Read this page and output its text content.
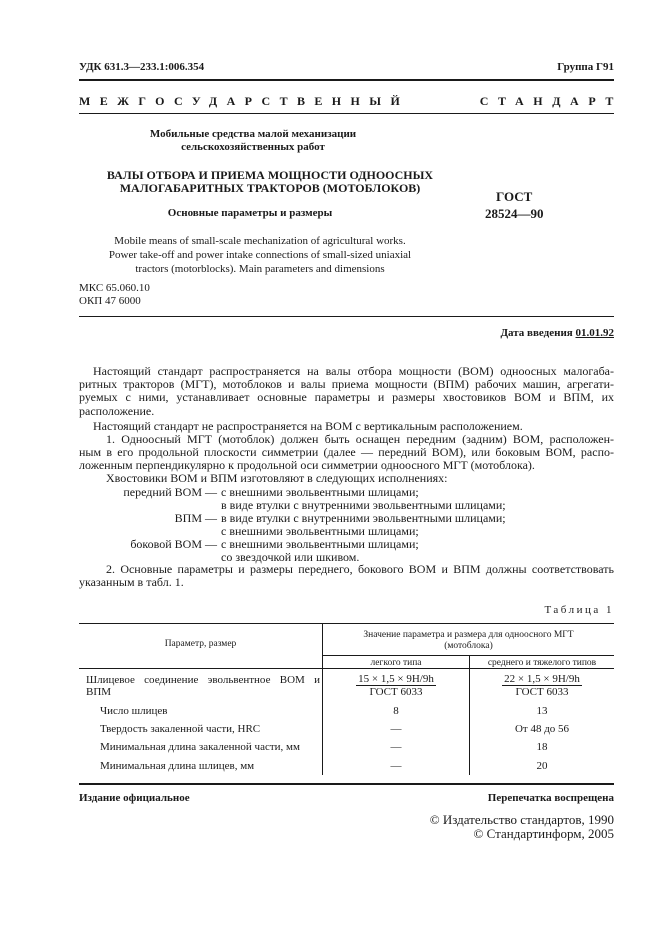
УДК 631.3—233.1:006.354	Группа Г91
МЕЖГОСУДАРСТВЕННЫЙ	СТАНДАРТ
Мобильные средства малой механизации
сельскохозяйственных работ
ВАЛЫ ОТБОРА И ПРИЕМА МОЩНОСТИ ОДНООСНЫХ
МАЛОГАБАРИТНЫХ ТРАКТОРОВ (МОТОБЛОКОВ)
ГОСТ
28524—90
Основные параметры и размеры
Mobile means of small-scale mechanization of agricultural works.
Power take-off and power intake connections of small-sized uniaxial
tractors (motorblocks). Main parameters and dimensions
МКС 65.060.10
ОКП 47 6000
Дата введения 01.01.92
Настоящий стандарт распространяется на валы отбора мощности (ВОМ) одноосных малогаба-
ритных тракторов (МГТ), мотоблоков и валы приема мощности (ВПМ) рабочих машин, агрегати-
руемых с ними, устанавливает основные параметры и размеры хвостовиков ВОМ и ВПМ, их
расположение.
Настоящий стандарт не распространяется на ВОМ с вертикальным расположением.
1. Одноосный МГТ (мотоблок) должен быть оснащен передним (задним) ВОМ, расположен-
ным в его продольной плоскости симметрии (далее — передний ВОМ), или боковым ВОМ, распо-
ложенным перпендикулярно к продольной оси симметрии одноосного МГТ (мотоблока).
Хвостовики ВОМ и ВПМ изготовляют в следующих исполнениях:
передний ВОМ — с внешними эвольвентными шлицами;
в виде втулки с внутренними эвольвентными шлицами;
ВПМ — в виде втулки с внутренними эвольвентными шлицами;
с внешними эвольвентными шлицами;
боковой ВОМ — с внешними эвольвентными шлицами;
со звездочкой или шкивом.
2. Основные параметры и размеры переднего, бокового ВОМ и ВПМ должны соответствовать
указанным в табл. 1.
Таблица 1
Параметр, размер
Значение параметра и размера для одноосного МГТ
(мотоблока)
легкого типа	среднего и тяжелого типов
Шлицевое соединение эвольвентное ВОМ и
ВПМ	$\frac{15 \times 1,5 \times 9H/9h}{\text{ГОСТ 6033}}$	$\frac{22 \times 1,5 \times 9H/9h}{\text{ГОСТ 6033}}$
Число шлицев	8	13
Твердость закаленной части, HRC	—	От 48 до 56
Минимальная длина закаленной части, мм	—	18
Минимальная длина шлицев, мм	—	20
Издание официальное	Перепечатка воспрещена
© Издательство стандартов, 1990
© Стандартинформ, 2005
